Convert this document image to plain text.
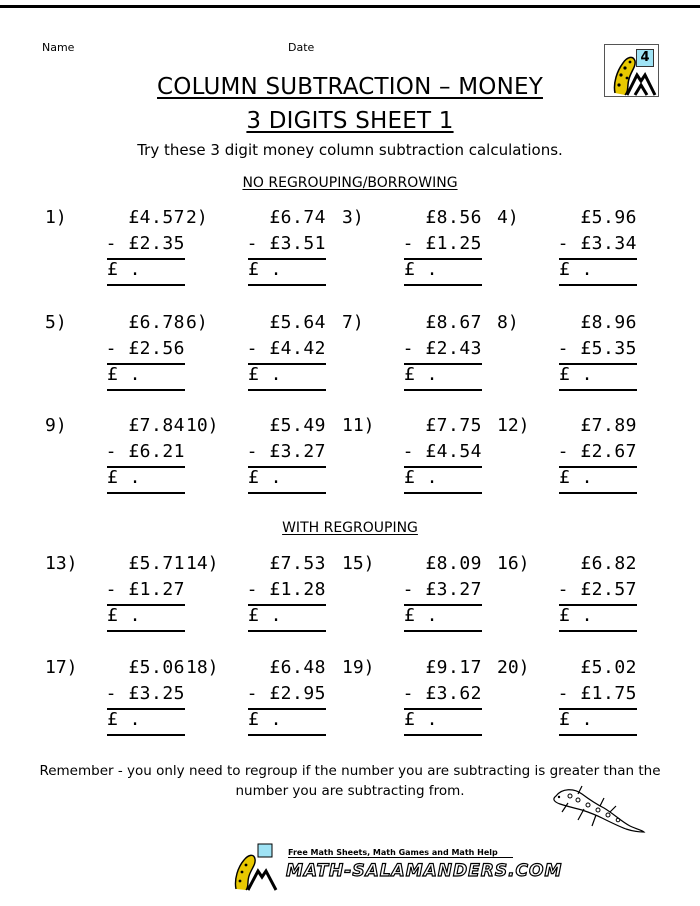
Name	Date
4
COLUMN SUBTRACTION – MONEY
3 DIGITS SHEET 1
Try these 3 digit money column subtraction calculations.
NO REGROUPING/BORROWING
WITH REGROUPING
1)	£4.57
- £2.35
£ .
2)	£6.74
- £3.51
£ .
3)	£8.56
- £1.25
£ .
4)	£5.96
- £3.34
£ .
5)	£6.78
- £2.56
£ .
6)	£5.64
- £4.42
£ .
7)	£8.67
- £2.43
£ .
8)	£8.96
- £5.35
£ .
9)	£7.84
- £6.21
£ .
10)	£5.49
- £3.27
£ .
11)	£7.75
- £4.54
£ .
12)	£7.89
- £2.67
£ .
13)	£5.71
- £1.27
£ .
14)	£7.53
- £1.28
£ .
15)	£8.09
- £3.27
£ .
16)	£6.82
- £2.57
£ .
17)	£5.06
- £3.25
£ .
18)	£6.48
- £2.95
£ .
19)	£9.17
- £3.62
£ .
20)	£5.02
- £1.75
£ .
Remember - you only need to regroup if the number you are subtracting is greater than the number you are subtracting from.
Free Math Sheets, Math Games and Math Help
MATH-SALAMANDERS.COM
